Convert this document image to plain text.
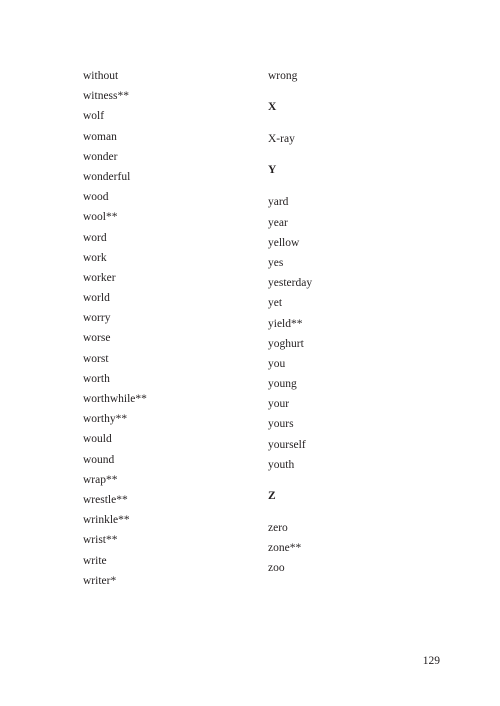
without
witness**
wolf
woman
wonder
wonderful
wood
wool**
word
work
worker
world
worry
worse
worst
worth
worthwhile**
worthy**
would
wound
wrap**
wrestle**
wrinkle**
wrist**
write
writer*
wrong
X
X-ray
Y
yard
year
yellow
yes
yesterday
yet
yield**
yoghurt
you
young
your
yours
yourself
youth
Z
zero
zone**
zoo
129
